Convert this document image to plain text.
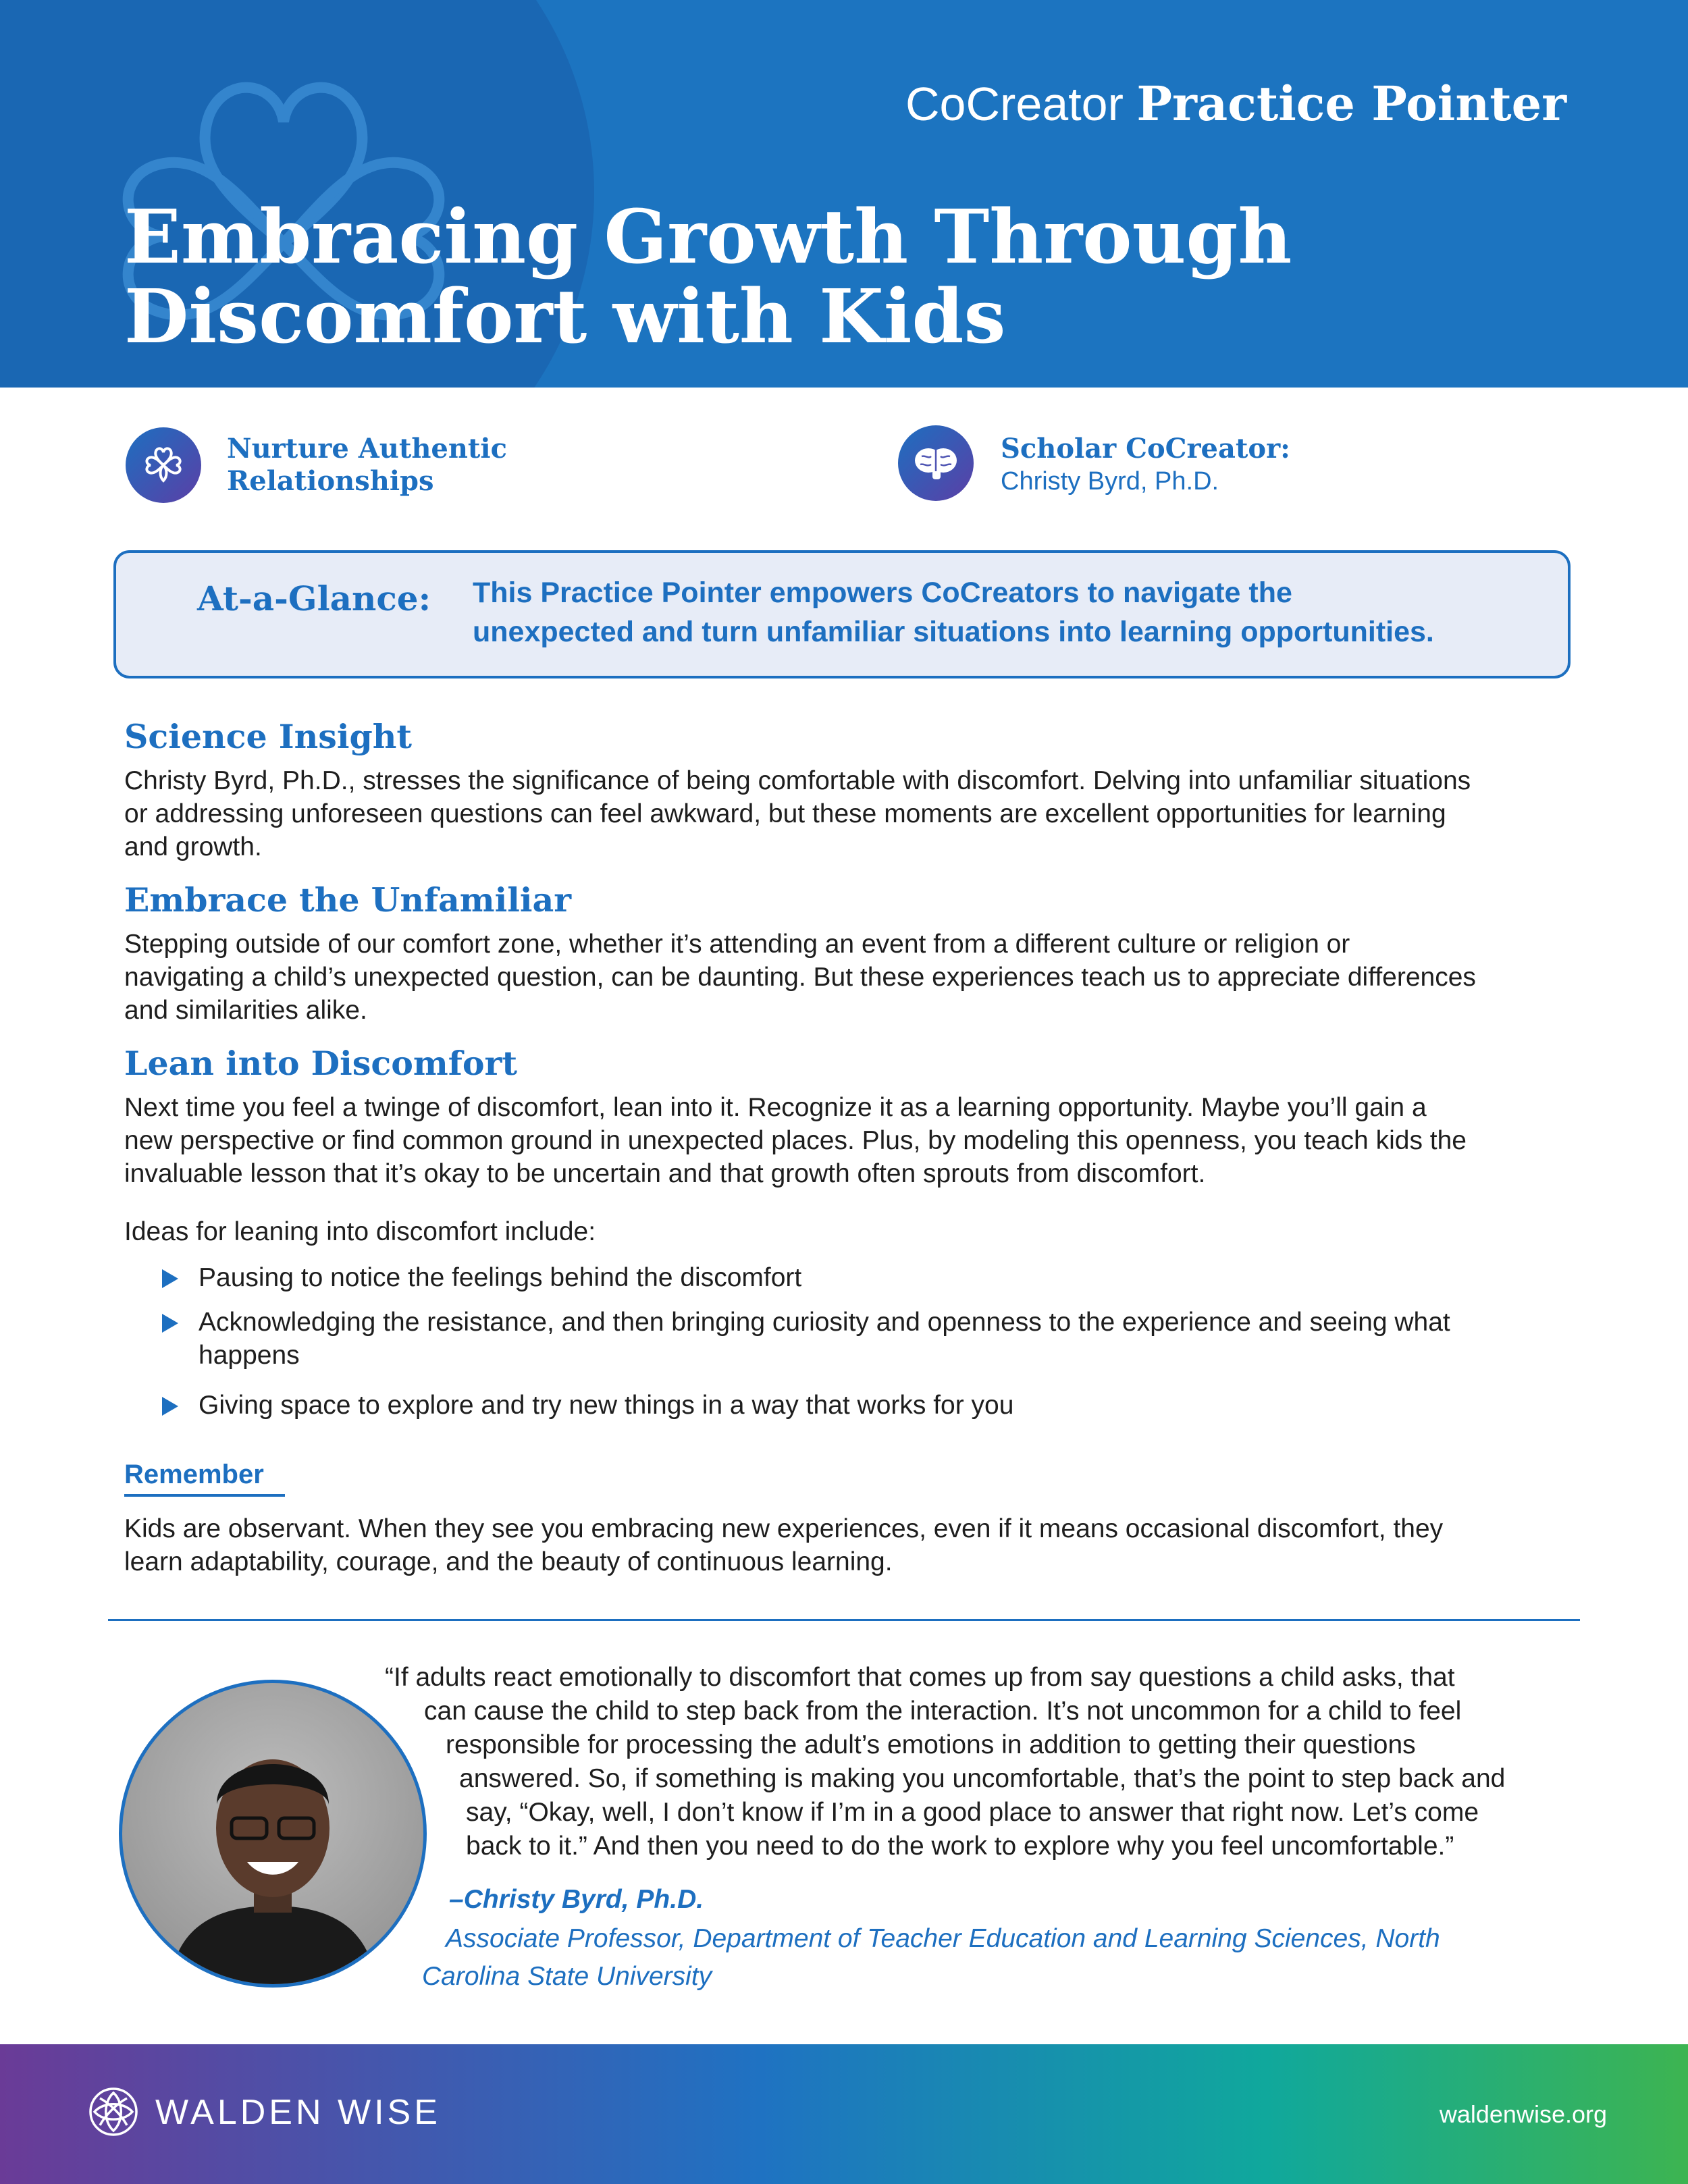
CoCreator Practice Pointer
Embracing Growth Through
Discomfort with Kids
Nurture Authentic
Relationships
Scholar CoCreator:
Christy Byrd, Ph.D.
At-a-Glance: This Practice Pointer empowers CoCreators to navigate the
unexpected and turn unfamiliar situations into learning opportunities.
Science Insight
Christy Byrd, Ph.D., stresses the significance of being comfortable with discomfort. Delving into unfamiliar situations
or addressing unforeseen questions can feel awkward, but these moments are excellent opportunities for learning
and growth.
Embrace the Unfamiliar
Stepping outside of our comfort zone, whether it’s attending an event from a different culture or religion or
navigating a child’s unexpected question, can be daunting. But these experiences teach us to appreciate differences
and similarities alike.
Lean into Discomfort
Next time you feel a twinge of discomfort, lean into it. Recognize it as a learning opportunity. Maybe you’ll gain a
new perspective or find common ground in unexpected places. Plus, by modeling this openness, you teach kids the
invaluable lesson that it’s okay to be uncertain and that growth often sprouts from discomfort.
Ideas for leaning into discomfort include:
Pausing to notice the feelings behind the discomfort
Acknowledging the resistance, and then bringing curiosity and openness to the experience and seeing what
happens
Giving space to explore and try new things in a way that works for you
Remember
Kids are observant. When they see you embracing new experiences, even if it means occasional discomfort, they
learn adaptability, courage, and the beauty of continuous learning.
“If adults react emotionally to discomfort that comes up from say questions a child asks, that
can cause the child to step back from the interaction. It’s not uncommon for a child to feel
responsible for processing the adult’s emotions in addition to getting their questions
answered. So, if something is making you uncomfortable, that’s the point to step back and
say, “Okay, well, I don’t know if I’m in a good place to answer that right now. Let’s come
back to it.” And then you need to do the work to explore why you feel uncomfortable.”
–Christy Byrd, Ph.D.
Associate Professor, Department of Teacher Education and Learning Sciences, North
Carolina State University
WALDEN WISE	waldenwise.org
